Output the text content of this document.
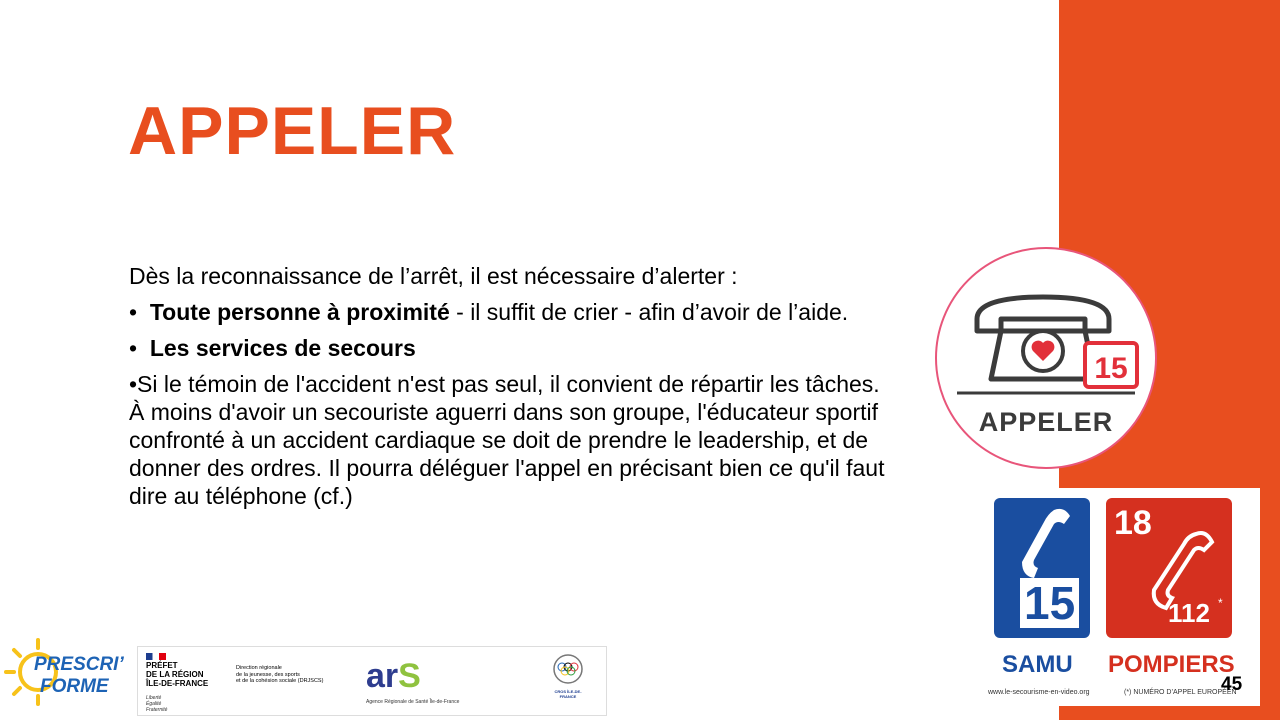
APPELER

Dès la reconnaissance de l’arrêt, il est nécessaire d’alerter :

• Toute personne à proximité - il suffit de crier - afin d’avoir de l’aide.

• Les services de secours

•Si le témoin de l'accident n'est pas seul, il convient de répartir les tâches. À moins d'avoir un secouriste aguerri dans son groupe, l'éducateur sportif confronté à un accident cardiaque se doit de prendre le leadership, et de donner des ordres. Il pourra déléguer l'appel en précisant bien ce qu'il faut dire au téléphone (cf.)

15
APPELER
15
18
112 *
SAMU POMPIERS
www.le-secourisme-en-video.org	(*) NUMÉRO D’APPEL EUROPÉEN
45
PRESCRI’
FORME
PRÉFET
DE LA RÉGION
ÎLE-DE-FRANCE
Liberté
Égalité
Fraternité
Direction régionale
de la jeunesse, des sports
et de la cohésion sociale (DRJSCS) arS
Agence Régionale de Santé Île-de-France
CROS ÎLE-DE-FRANCE
